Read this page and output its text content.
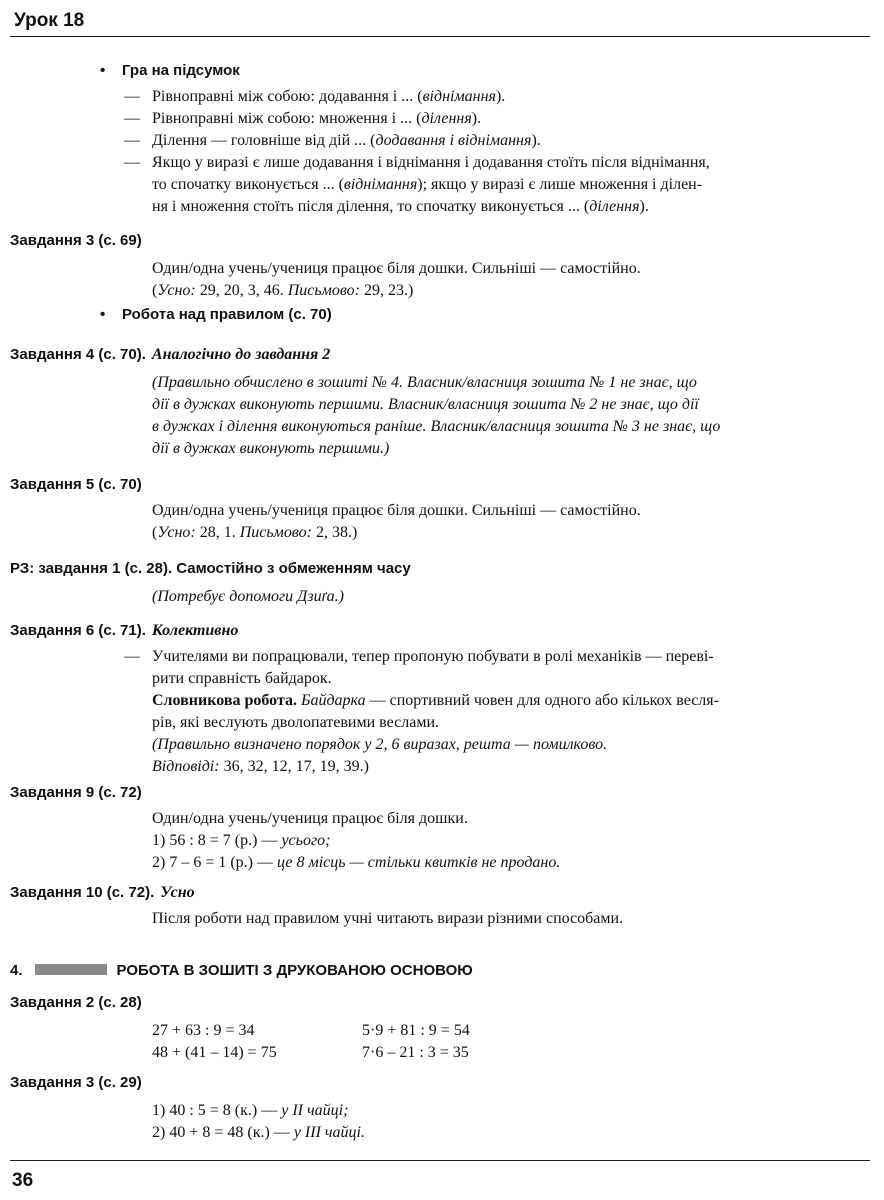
Урок 18
• Гра на підсумок
— Рівноправні між собою: додавання і ... (віднімання).
— Рівноправні між собою: множення і ... (ділення).
— Ділення — головніше від дій ... (додавання і віднімання).
— Якщо у виразі є лише додавання і віднімання і додавання стоїть після віднімання,
то спочатку виконується ... (віднімання); якщо у виразі є лише множення і ділен-
ня і множення стоїть після ділення, то спочатку виконується ... (ділення).
Завдання 3 (с. 69)
Один/одна учень/учениця працює біля дошки. Сильніші — самостійно.
(Усно: 29, 20, 3, 46. Письмово: 29, 23.)
• Робота над правилом (с. 70)
Завдання 4 (с. 70). Аналогічно до завдання 2
(Правильно обчислено в зошиті № 4. Власник/власниця зошита № 1 не знає, що
дії в дужках виконують першими. Власник/власниця зошита № 2 не знає, що дії
в дужках і ділення виконуються раніше. Власник/власниця зошита № 3 не знає, що
дії в дужках виконують першими.)
Завдання 5 (с. 70)
Один/одна учень/учениця працює біля дошки. Сильніші — самостійно.
(Усно: 28, 1. Письмово: 2, 38.)
РЗ: завдання 1 (с. 28). Самостійно з обмеженням часу
(Потребує допомоги Дзиґа.)
Завдання 6 (с. 71). Колективно
— Учителями ви попрацювали, тепер пропоную побувати в ролі механіків — переві-
рити справність байдарок.
Словникова робота. Байдарка — спортивний човен для одного або кількох весля-
рів, які веслують дволопатевими веслами.
(Правильно визначено порядок у 2, 6 виразах, решта — помилково.
Відповіді: 36, 32, 12, 17, 19, 39.)
Завдання 9 (с. 72)
Один/одна учень/учениця працює біля дошки.
1) 56 : 8 = 7 (р.) — усього;
2) 7 – 6 = 1 (р.) — це 8 місць — стільки квитків не продано.
Завдання 10 (с. 72). Усно
Після роботи над правилом учні читають вирази різними способами.
4.	РОБОТА В ЗОШИТІ З ДРУКОВАНОЮ ОСНОВОЮ
Завдання 2 (с. 28)
27 + 63 : 9 = 34	5·9 + 81 : 9 = 54
48 + (41 – 14) = 75	7·6 – 21 : 3 = 35
Завдання 3 (с. 29)
1) 40 : 5 = 8 (к.) — у II чайці;
2) 40 + 8 = 48 (к.) — у III чайці.
36
